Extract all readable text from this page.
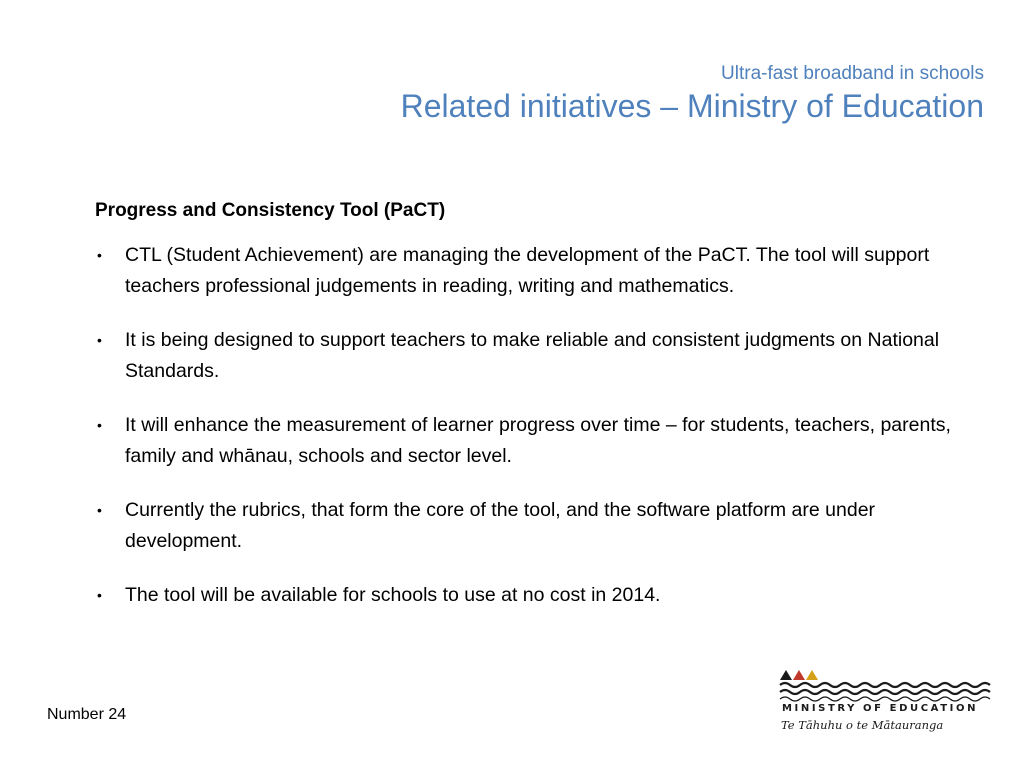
Ultra-fast broadband in schools
Related initiatives – Ministry of Education
Progress and Consistency Tool (PaCT)
• CTL (Student Achievement) are managing the development of the PaCT. The tool will support teachers professional judgements in reading, writing and mathematics.
• It is being designed to support teachers to make reliable and consistent judgments on National Standards.
• It will enhance the measurement of learner progress over time – for students, teachers, parents, family and whānau, schools and sector level.
• Currently the rubrics, that form the core of the tool, and the software platform are under development.
• The tool will be available for schools to use at no cost in 2014.
Number 24	MINISTRY OF EDUCATION
Te Tāhuhu o te Mātauranga
